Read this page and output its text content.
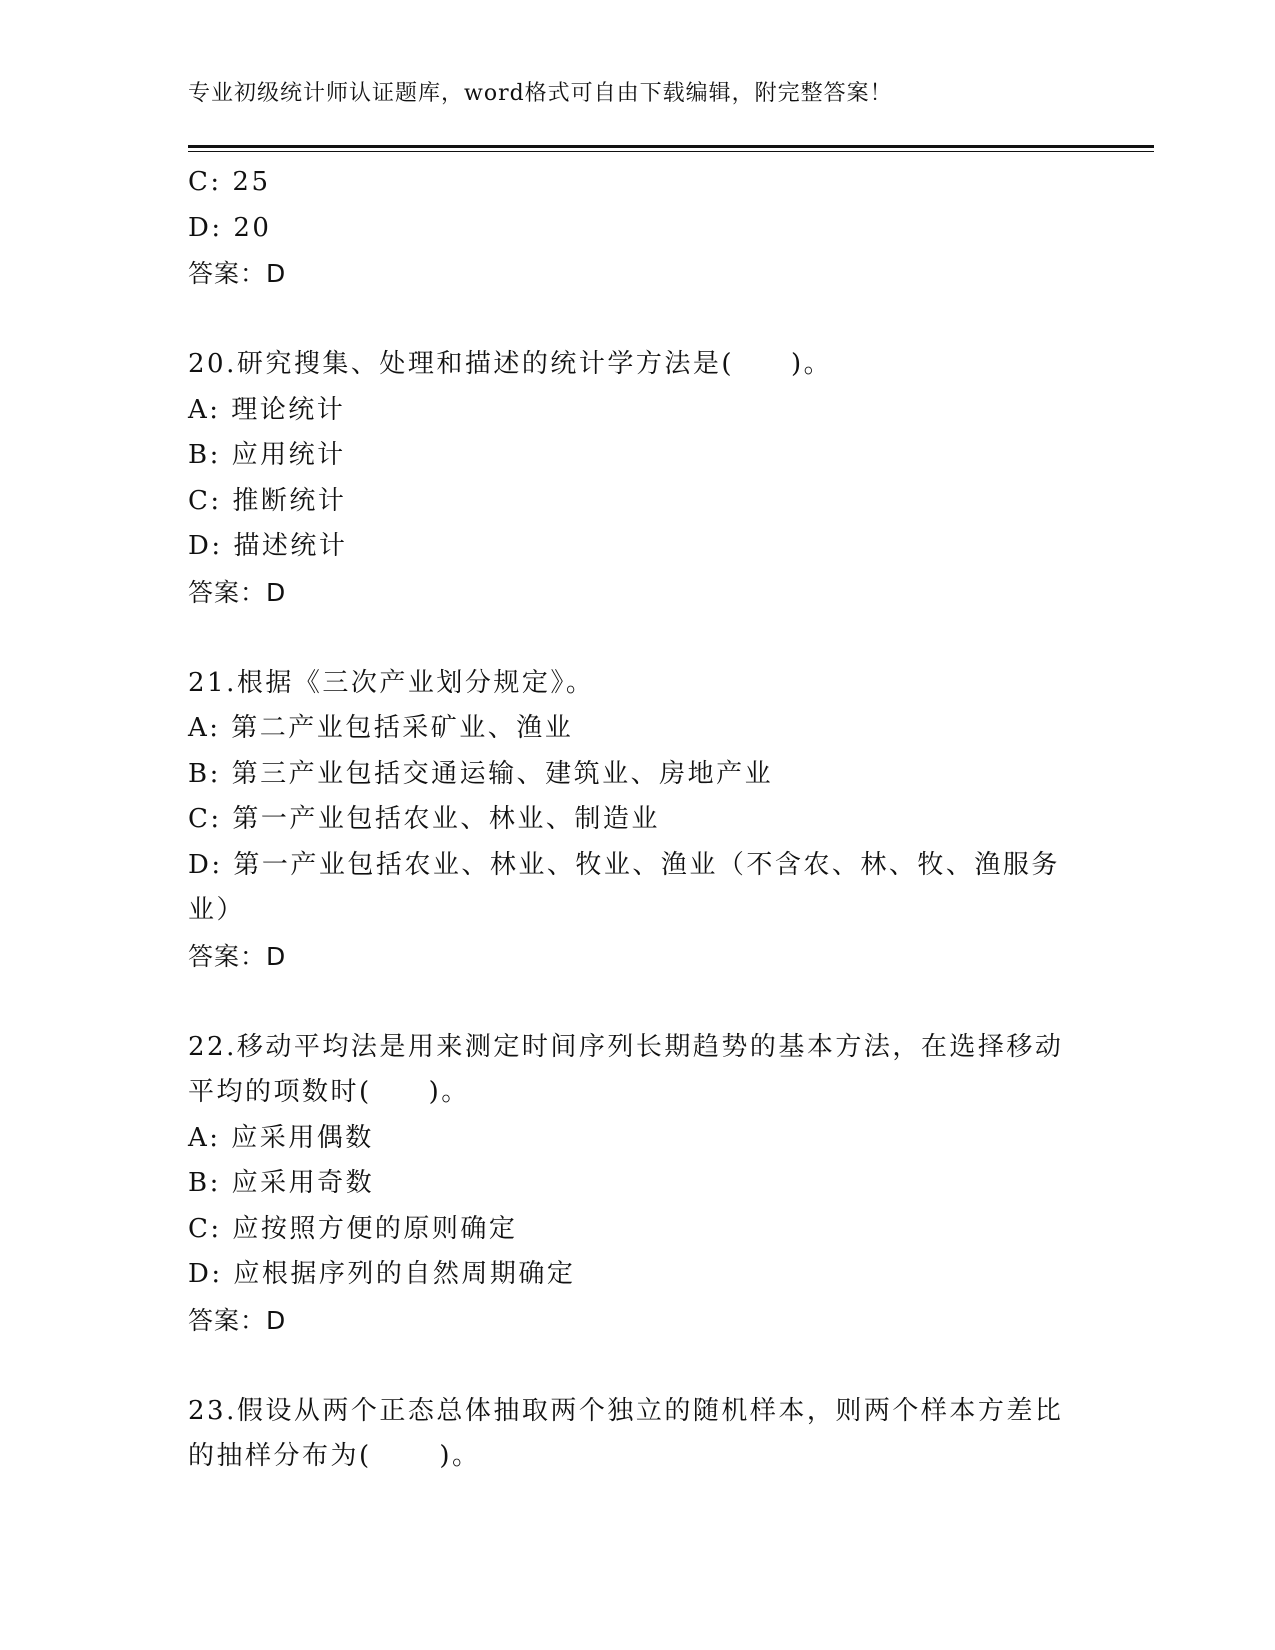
专业初级统计师认证题库，word格式可自由下载编辑，附完整答案！
C: 25
D: 20
答案：D
20.研究搜集、处理和描述的统计学方法是(　　)。
A: 理论统计
B: 应用统计
C: 推断统计
D: 描述统计
答案：D
21.根据《三次产业划分规定》。
A: 第二产业包括采矿业、渔业
B: 第三产业包括交通运输、建筑业、房地产业
C: 第一产业包括农业、林业、制造业
D: 第一产业包括农业、林业、牧业、渔业（不含农、林、牧、渔服务业）
答案：D
22.移动平均法是用来测定时间序列长期趋势的基本方法，在选择移动平均的项数时(　　)。
A: 应采用偶数
B: 应采用奇数
C: 应按照方便的原则确定
D: 应根据序列的自然周期确定
答案：D
23.假设从两个正态总体抽取两个独立的随机样本，则两个样本方差比的抽样分布为(　　 )。
